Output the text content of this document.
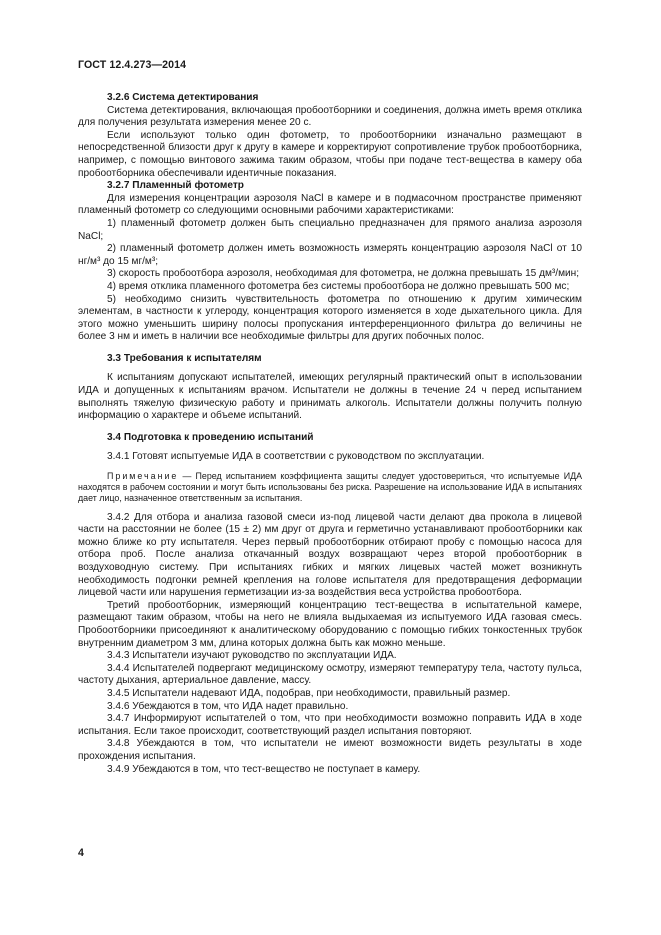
ГОСТ 12.4.273—2014

3.2.6 Система детектирования

Система детектирования, включающая пробоотборники и соединения, должна иметь время отклика для получения результата измерения менее 20 с.

Если используют только один фотометр, то пробоотборники изначально размещают в непосредственной близости друг к другу в камере и корректируют сопротивление трубок пробоотборника, например, с помощью винтового зажима таким образом, чтобы при подаче тест-вещества в камеру оба пробоотборника обеспечивали идентичные показания.

3.2.7 Пламенный фотометр

Для измерения концентрации аэрозоля NaCl в камере и в подмасочном пространстве применяют пламенный фотометр со следующими основными рабочими характеристиками:

1) пламенный фотометр должен быть специально предназначен для прямого анализа аэрозоля NaCl;

2) пламенный фотометр должен иметь возможность измерять концентрацию аэрозоля NaCl от 10 нг/м³ до 15 мг/м³;

3) скорость пробоотбора аэрозоля, необходимая для фотометра, не должна превышать 15 дм³/мин;

4) время отклика пламенного фотометра без системы пробоотбора не должно превышать 500 мс;

5) необходимо снизить чувствительность фотометра по отношению к другим химическим элементам, в частности к углероду, концентрация которого изменяется в ходе дыхательного цикла. Для этого можно уменьшить ширину полосы пропускания интерференционного фильтра до величины не более 3 нм и иметь в наличии все необходимые фильтры для других побочных полос.

3.3 Требования к испытателям

К испытаниям допускают испытателей, имеющих регулярный практический опыт в использовании ИДА и допущенных к испытаниям врачом. Испытатели не должны в течение 24 ч перед испытанием выполнять тяжелую физическую работу и принимать алкоголь. Испытатели должны получить полную информацию о характере и объеме испытаний.

3.4 Подготовка к проведению испытаний

3.4.1 Готовят испытуемые ИДА в соответствии с руководством по эксплуатации.

Примечание — Перед испытанием коэффициента защиты следует удостовериться, что испытуемые ИДА находятся в рабочем состоянии и могут быть использованы без риска. Разрешение на использование ИДА в испытаниях дает лицо, назначенное ответственным за испытания.

3.4.2 Для отбора и анализа газовой смеси из-под лицевой части делают два прокола в лицевой части на расстоянии не более (15 ± 2) мм друг от друга и герметично устанавливают пробоотборники как можно ближе ко рту испытателя. Через первый пробоотборник отбирают пробу с помощью насоса для отбора проб. После анализа откачанный воздух возвращают через второй пробоотборник в воздуховодную систему. При испытаниях гибких и мягких лицевых частей может возникнуть необходимость подгонки ремней крепления на голове испытателя для предотвращения деформации лицевой части или нарушения герметизации из-за воздействия веса устройства пробоотбора.

Третий пробоотборник, измеряющий концентрацию тест-вещества в испытательной камере, размещают таким образом, чтобы на него не влияла выдыхаемая из испытуемого ИДА газовая смесь. Пробоотборники присоединяют к аналитическому оборудованию с помощью гибких тонкостенных трубок внутренним диаметром 3 мм, длина которых должна быть как можно меньше.

3.4.3 Испытатели изучают руководство по эксплуатации ИДА.

3.4.4 Испытателей подвергают медицинскому осмотру, измеряют температуру тела, частоту пульса, частоту дыхания, артериальное давление, массу.

3.4.5 Испытатели надевают ИДА, подобрав, при необходимости, правильный размер.

3.4.6 Убеждаются в том, что ИДА надет правильно.

3.4.7 Информируют испытателей о том, что при необходимости возможно поправить ИДА в ходе испытания. Если такое происходит, соответствующий раздел испытания повторяют.

3.4.8 Убеждаются в том, что испытатели не имеют возможности видеть результаты в ходе прохождения испытания.

3.4.9 Убеждаются в том, что тест-вещество не поступает в камеру.

4
